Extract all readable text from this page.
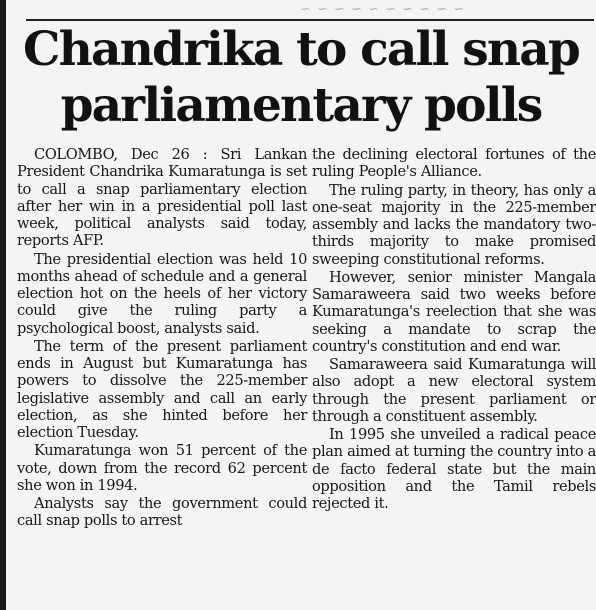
~ ~ ~ ~ ~ ~ ~ ~ ~ ~
Chandrika to call snap
parliamentary polls

COLOMBO, Dec 26 : Sri Lankan President Chandrika Kumaratunga is set to call a snap parliamentary election after her win in a presidential poll last week, political analysts said today, reports AFP.

The presidential election was held 10 months ahead of schedule and a general election hot on the heels of her victory could give the ruling party a psychological boost, analysts said.

The term of the present parliament ends in August but Kumaratunga has powers to dissolve the 225-member legislative assembly and call an early election, as she hinted before her election Tuesday.

Kumaratunga won 51 percent of the vote, down from the record 62 percent she won in 1994.

Analysts say the government could call snap polls to arrest

the declining electoral fortunes of the ruling People's Alliance.

The ruling party, in theory, has only a one-seat majority in the 225-member assembly and lacks the mandatory two-thirds majority to make promised sweeping constitutional reforms.

However, senior minister Mangala Samaraweera said two weeks before Kumaratunga's reelection that she was seeking a mandate to scrap the country's constitution and end war.

Samaraweera said Kumaratunga will also adopt a new electoral system through the present parliament or through a constituent assembly.

In 1995 she unveiled a radical peace plan aimed at turning the country into a de facto federal state but the main opposition and the Tamil rebels rejected it.
